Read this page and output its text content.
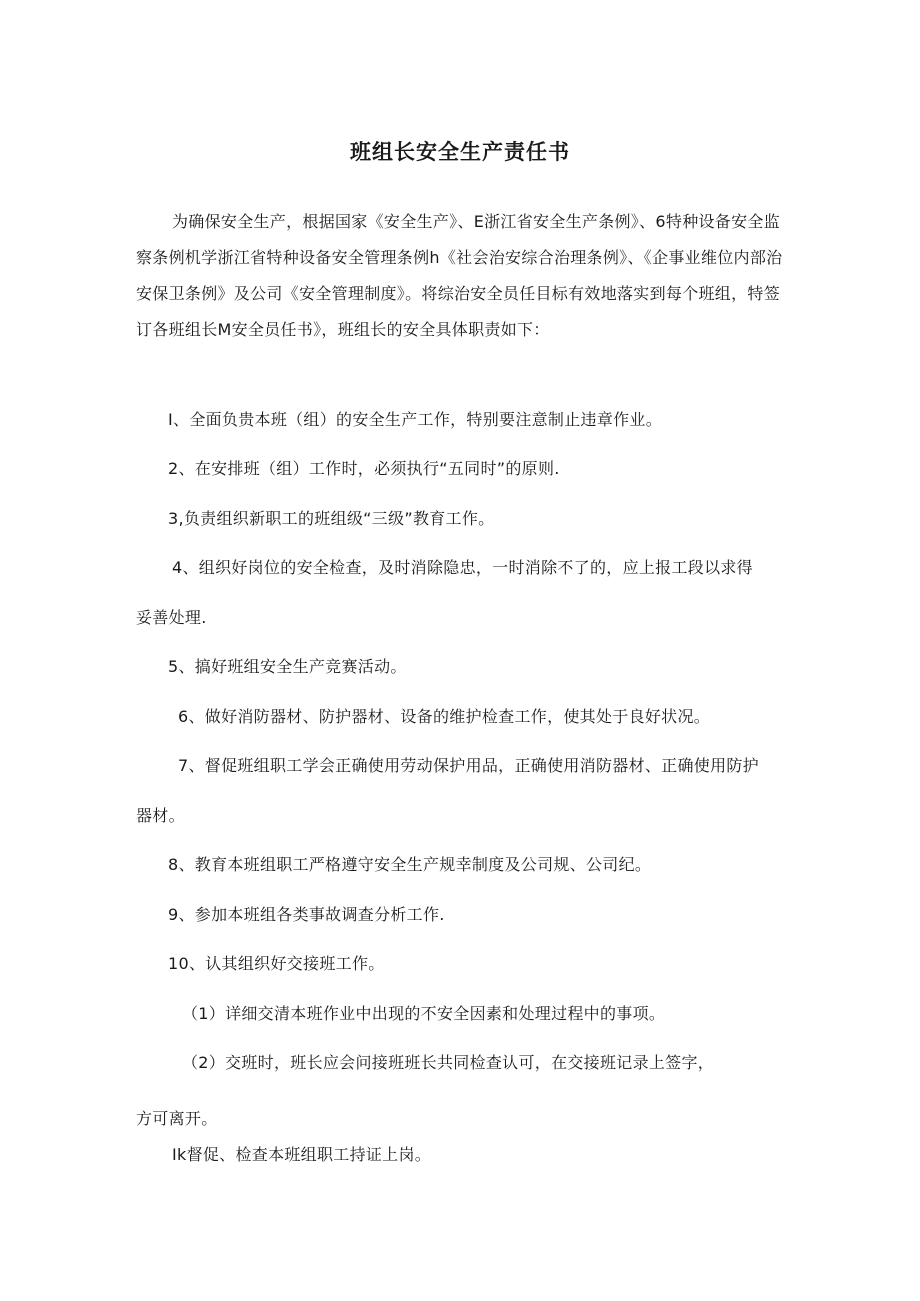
班组长安全生产责任书

为确保安全生产，根据国家《安全生产》、E浙江省安全生产条例》、6特种设备安全监察条例机学浙江省特种设备安全管理条例h《社会治安综合治理条例》、《企事业维位内部治安保卫条例》及公司《安全管理制度》。将综治安全员任目标有效地落实到每个班组，特签订各班组长M安全员任书》，班组长的安全具体职责如下：

I、全面负贵本班（组）的安全生产工作，特别要注意制止违章作业。

2、在安排班（组）工作时，必须执行“五同时”的原则.

3,负责组织新职工的班组级“三级”教育工作。

4、组织好岗位的安全检查，及时消除隐忠，一时消除不了的，应上报工段以求得

妥善处理.

5、搞好班组安全生产竞赛活动。

6、做好消防器材、防护器材、设备的维护检查工作，使其处于良好状况。

7、督促班组职工学会正确使用劳动保护用品，正确使用消防器材、正确使用防护

器材。

8、教育本班组职工严格遵守安全生产规幸制度及公司规、公司纪。

9、参加本班组各类事故调查分析工作.

10、认其组织好交接班工作。

（1）详细交清本班作业中出现的不安全因素和处理过程中的事项。

（2）交班时，班长应会问接班班长共同检查认可，在交接班记录上签字，

方可离开。

Ik督促、检查本班组职工持证上岗。
